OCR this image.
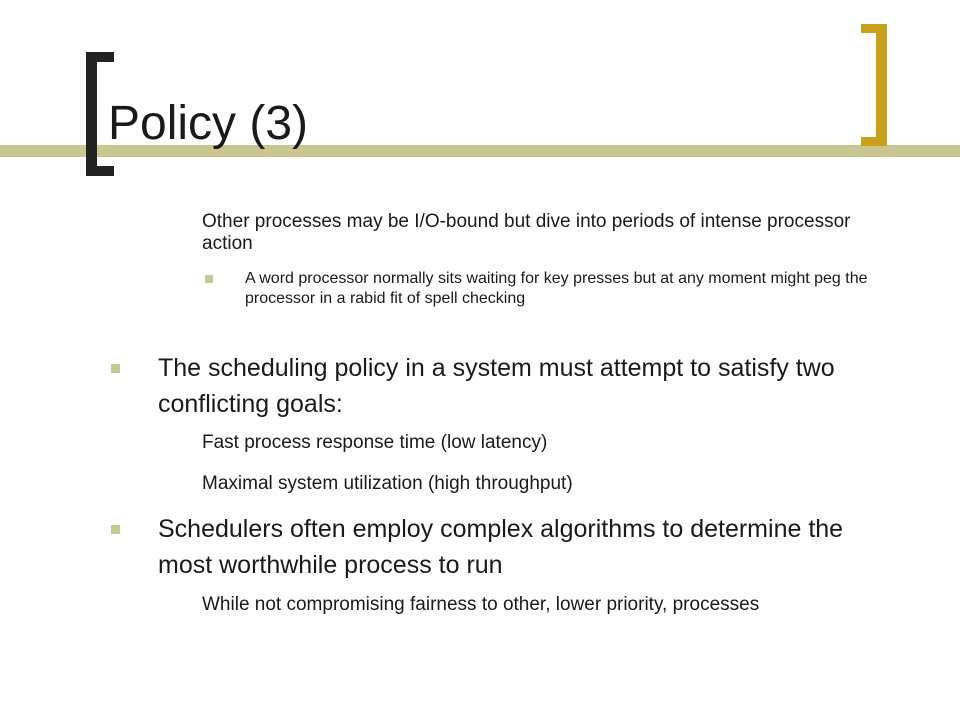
Policy (3)
Other processes may be I/O-bound but dive into periods of intense processor action
A word processor normally sits waiting for key presses but at any moment might peg the processor in a rabid fit of spell checking
The scheduling policy in a system must attempt to satisfy two conflicting goals:
Fast process response time (low latency)
Maximal system utilization (high throughput)
Schedulers often employ complex algorithms to determine the most worthwhile process to run
While not compromising fairness to other, lower priority, processes
